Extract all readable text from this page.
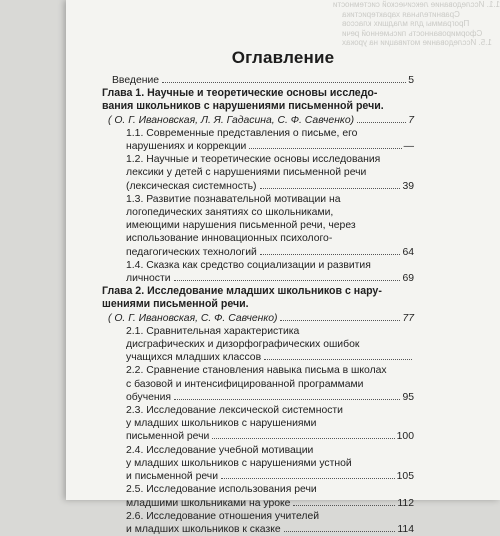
1.1. Исследование лексической системности
Сравнительная характеристика
Программы для младших классов
Сформированность письменной речи
1.5. Исследование мотивации на уроках
Оглавление
Введение	5
Глава 1. Научные и теоретические основы исследо-
вания школьников с нарушениями письменной речи.
( О. Г. Ивановская, Л. Я. Гадасина, С. Ф. Савченко)	7
1.1. Современные представления о письме, его
нарушениях и коррекции	—
1.2. Научные и теоретические основы исследования
лексики у детей с нарушениями письменной речи
(лексическая системность)	39
1.3. Развитие познавательной мотивации на
логопедических занятиях со школьниками,
имеющими нарушения письменной речи, через
использование инновационных психолого-
педагогических технологий	64
1.4. Сказка как средство социализации и развития
личности	69
Глава 2. Исследование младших школьников с нару-
шениями письменной речи.
( О. Г. Ивановская, С. Ф. Савченко)	77
2.1. Сравнительная характеристика
дисграфических и дизорфографических ошибок
учащихся младших классов
2.2. Сравнение становления навыка письма в школах
с базовой и интенсифицированной программами
обучения	95
2.3. Исследование лексической системности
у младших школьников с нарушениями
письменной речи	100
2.4. Исследование учебной мотивации
у младших школьников с нарушениями устной
и письменной речи	105
2.5. Исследование использования речи
младшими школьниками на уроке	112
2.6. Исследование отношения учителей
и младших школьников к сказке	114
